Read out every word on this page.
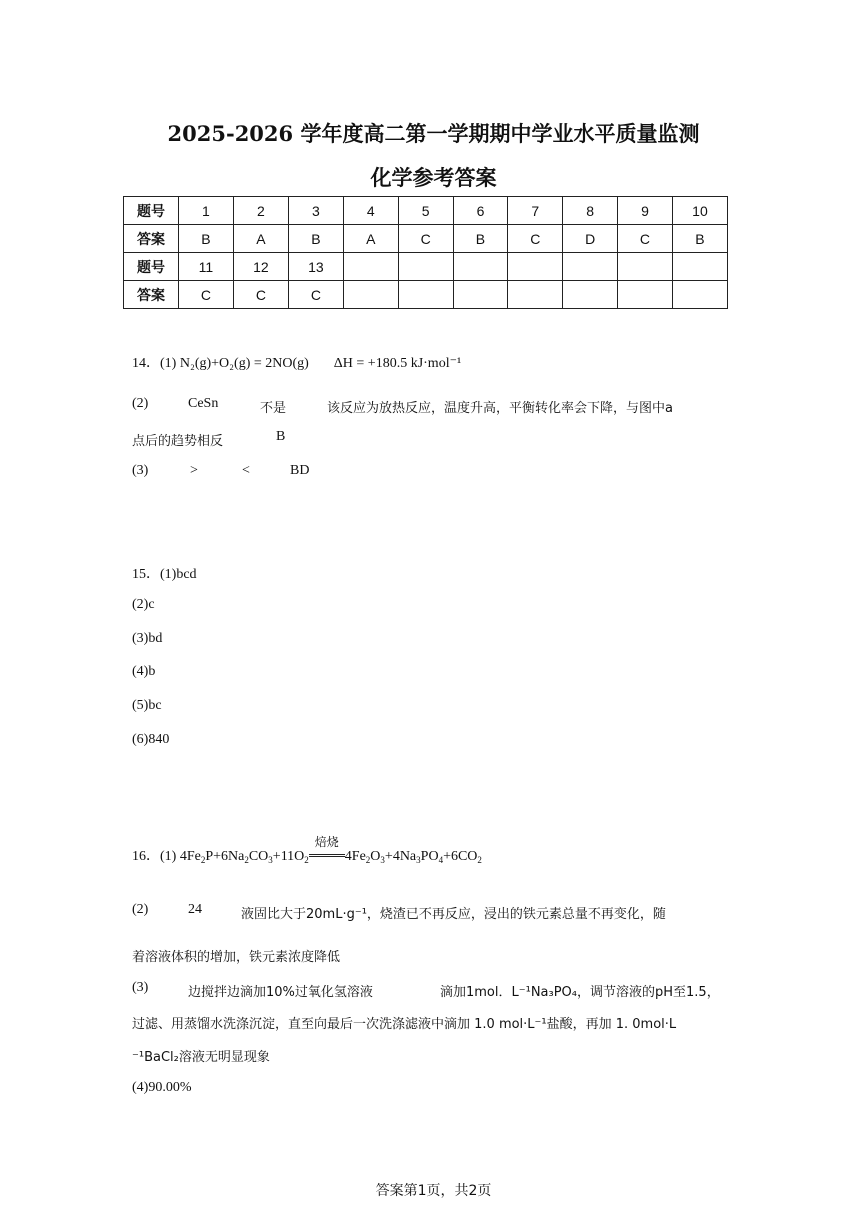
2025-2026 学年度高二第一学期期中学业水平质量监测
化学参考答案
题号	1	2	3	4	5	6	7	8	9	10
答案	B	A	B	A	C	B	C	D	C	B
题号	11	12	13							
答案	C	C	C							
14．(1) N₂(g)+O₂(g) = 2NO(g) ΔH = +180.5 kJ·mol⁻¹
(2)	CeSn	不是	该反应为放热反应，温度升高，平衡转化率会下降，与图中a
点后的趋势相反	B
(3)	>	<	BD
15．(1)bcd
(2)c
(3)bd
(4)b
(5)bc
(6)840
16．(1) $4Fe_2P+6Na_2CO_3+11O_2$
焙烧
$4Fe_2O_3+4Na_3PO_4+6CO_2$
(2)	24	液固比大于20mL·g⁻¹，烧渣已不再反应，浸出的铁元素总量不再变化，随
着溶液体积的增加，铁元素浓度降低
(3)	边搅拌边滴加10%过氧化氢溶液	滴加1mol．L⁻¹Na₃PO₄，调节溶液的pH至1.5，
过滤、用蒸馏水洗涤沉淀，直至向最后一次洗涤滤液中滴加 1.0 mol·L⁻¹盐酸，再加 1. 0mol·L
⁻¹BaCl₂溶液无明显现象
(4)90.00%
答案第1页，共2页
